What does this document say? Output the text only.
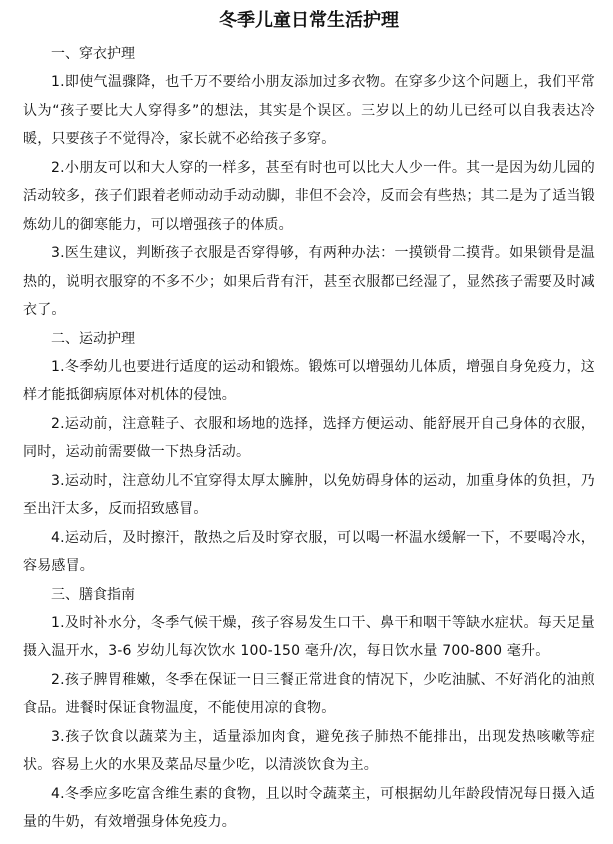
冬季儿童日常生活护理

一、穿衣护理

1.即使气温骤降，也千万不要给小朋友添加过多衣物。在穿多少这个问题上，我们平常认为“孩子要比大人穿得多”的想法，其实是个误区。三岁以上的幼儿已经可以自我表达冷暖，只要孩子不觉得冷，家长就不必给孩子多穿。

2.小朋友可以和大人穿的一样多，甚至有时也可以比大人少一件。其一是因为幼儿园的活动较多，孩子们跟着老师动动手动动脚，非但不会冷，反而会有些热；其二是为了适当锻炼幼儿的御寒能力，可以增强孩子的体质。

3.医生建议，判断孩子衣服是否穿得够，有两种办法：一摸锁骨二摸背。如果锁骨是温热的，说明衣服穿的不多不少；如果后背有汗，甚至衣服都已经湿了，显然孩子需要及时减衣了。

二、运动护理

1.冬季幼儿也要进行适度的运动和锻炼。锻炼可以增强幼儿体质，增强自身免疫力，这样才能抵御病原体对机体的侵蚀。

2.运动前，注意鞋子、衣服和场地的选择，选择方便运动、能舒展开自己身体的衣服，同时，运动前需要做一下热身活动。

3.运动时，注意幼儿不宜穿得太厚太臃肿，以免妨碍身体的运动，加重身体的负担，乃至出汗太多，反而招致感冒。

4.运动后，及时擦汗，散热之后及时穿衣服，可以喝一杯温水缓解一下，不要喝冷水，容易感冒。

三、膳食指南

1.及时补水分，冬季气候干燥，孩子容易发生口干、鼻干和咽干等缺水症状。每天足量摄入温开水，3-6 岁幼儿每次饮水 100-150 毫升/次，每日饮水量 700-800 毫升。

2.孩子脾胃稚嫩，冬季在保证一日三餐正常进食的情况下，少吃油腻、不好消化的油煎食品。进餐时保证食物温度，不能使用凉的食物。

3.孩子饮食以蔬菜为主，适量添加肉食，避免孩子肺热不能排出，出现发热咳嗽等症状。容易上火的水果及菜品尽量少吃，以清淡饮食为主。

4.冬季应多吃富含维生素的食物，且以时令蔬菜主，可根据幼儿年龄段情况每日摄入适量的牛奶，有效增强身体免疫力。
